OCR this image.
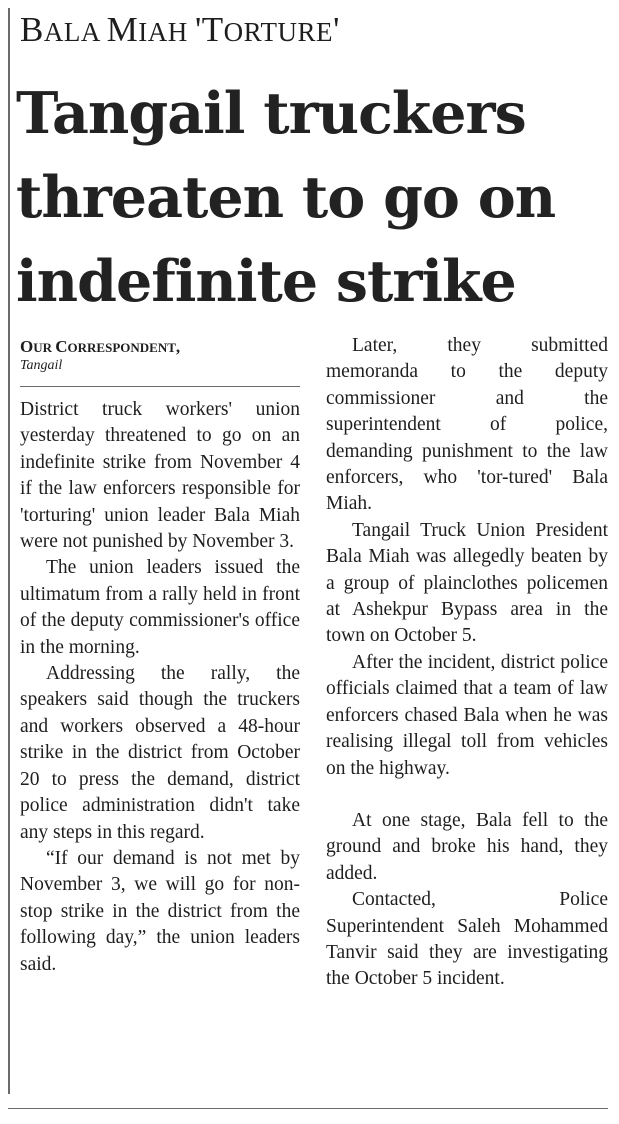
BALA MIAH 'TORTURE'
Tangail truckers
threaten to go on
indefinite strike
OUR CORRESPONDENT,
Tangail

District truck workers' union yesterday threatened to go on an indefinite strike from November 4 if the law enforcers responsible for 'torturing' union leader Bala Miah were not punished by November 3.

The union leaders issued the ultimatum from a rally held in front of the deputy commissioner's office in the morning.

Addressing the rally, the speakers said though the truckers and workers observed a 48-hour strike in the district from October 20 to press the demand, district police administration didn't take any steps in this regard.

“If our demand is not met by November 3, we will go for non-stop strike in the district from the following day,” the union leaders said.

Later, they submitted memoranda to the deputy commissioner and the superintendent of police, demanding punishment to the law enforcers, who 'tor-tured' Bala Miah.

Tangail Truck Union President Bala Miah was allegedly beaten by a group of plainclothes policemen at Ashekpur Bypass area in the town on October 5.

After the incident, district police officials claimed that a team of law enforcers chased Bala when he was realising illegal toll from vehicles on the highway.

At one stage, Bala fell to the ground and broke his hand, they added.

Contacted, Police Superintendent Saleh Mohammed Tanvir said they are investigating the October 5 incident.
